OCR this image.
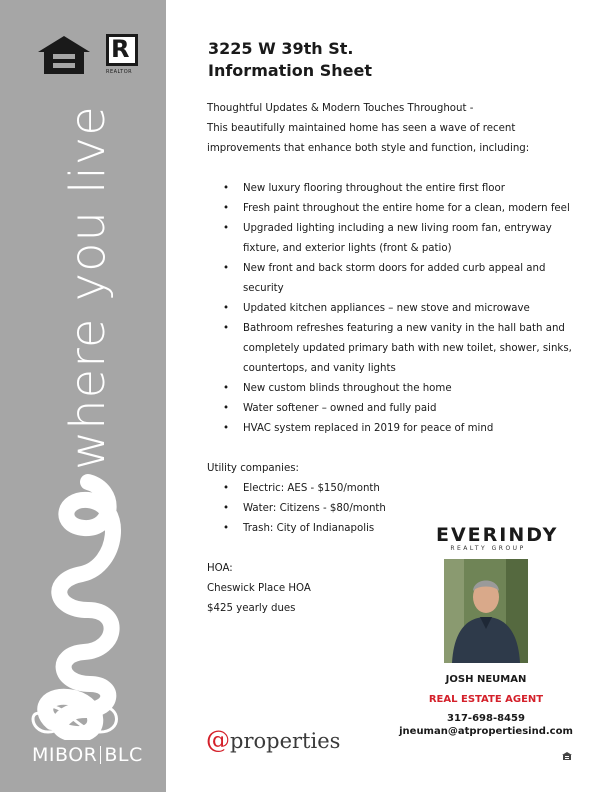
R
REALTOR
where you live
MIBOR BLC
3225 W 39th St.
Information Sheet

Thoughtful Updates & Modern Touches Throughout -

This beautifully maintained home has seen a wave of recent improvements that enhance both style and function, including:

• New luxury flooring throughout the entire first floor
• Fresh paint throughout the entire home for a clean, modern feel
• Upgraded lighting including a new living room fan, entryway fixture, and exterior lights (front & patio)
• New front and back storm doors for added curb appeal and security
• Updated kitchen appliances – new stove and microwave
• Bathroom refreshes featuring a new vanity in the hall bath and completely updated primary bath with new toilet, shower, sinks, countertops, and vanity lights
• New custom blinds throughout the home
• Water softener – owned and fully paid
• HVAC system replaced in 2019 for peace of mind

Utility companies:

• Electric: AES - $150/month
• Water: Citizens - $80/month
• Trash: City of Indianapolis

HOA:

Cheswick Place HOA

$425 yearly dues

EVERINDY
REALTY GROUP
JOSH NEUMAN
REAL ESTATE AGENT
317-698-8459
jneuman@atpropertiesind.com
@properties
